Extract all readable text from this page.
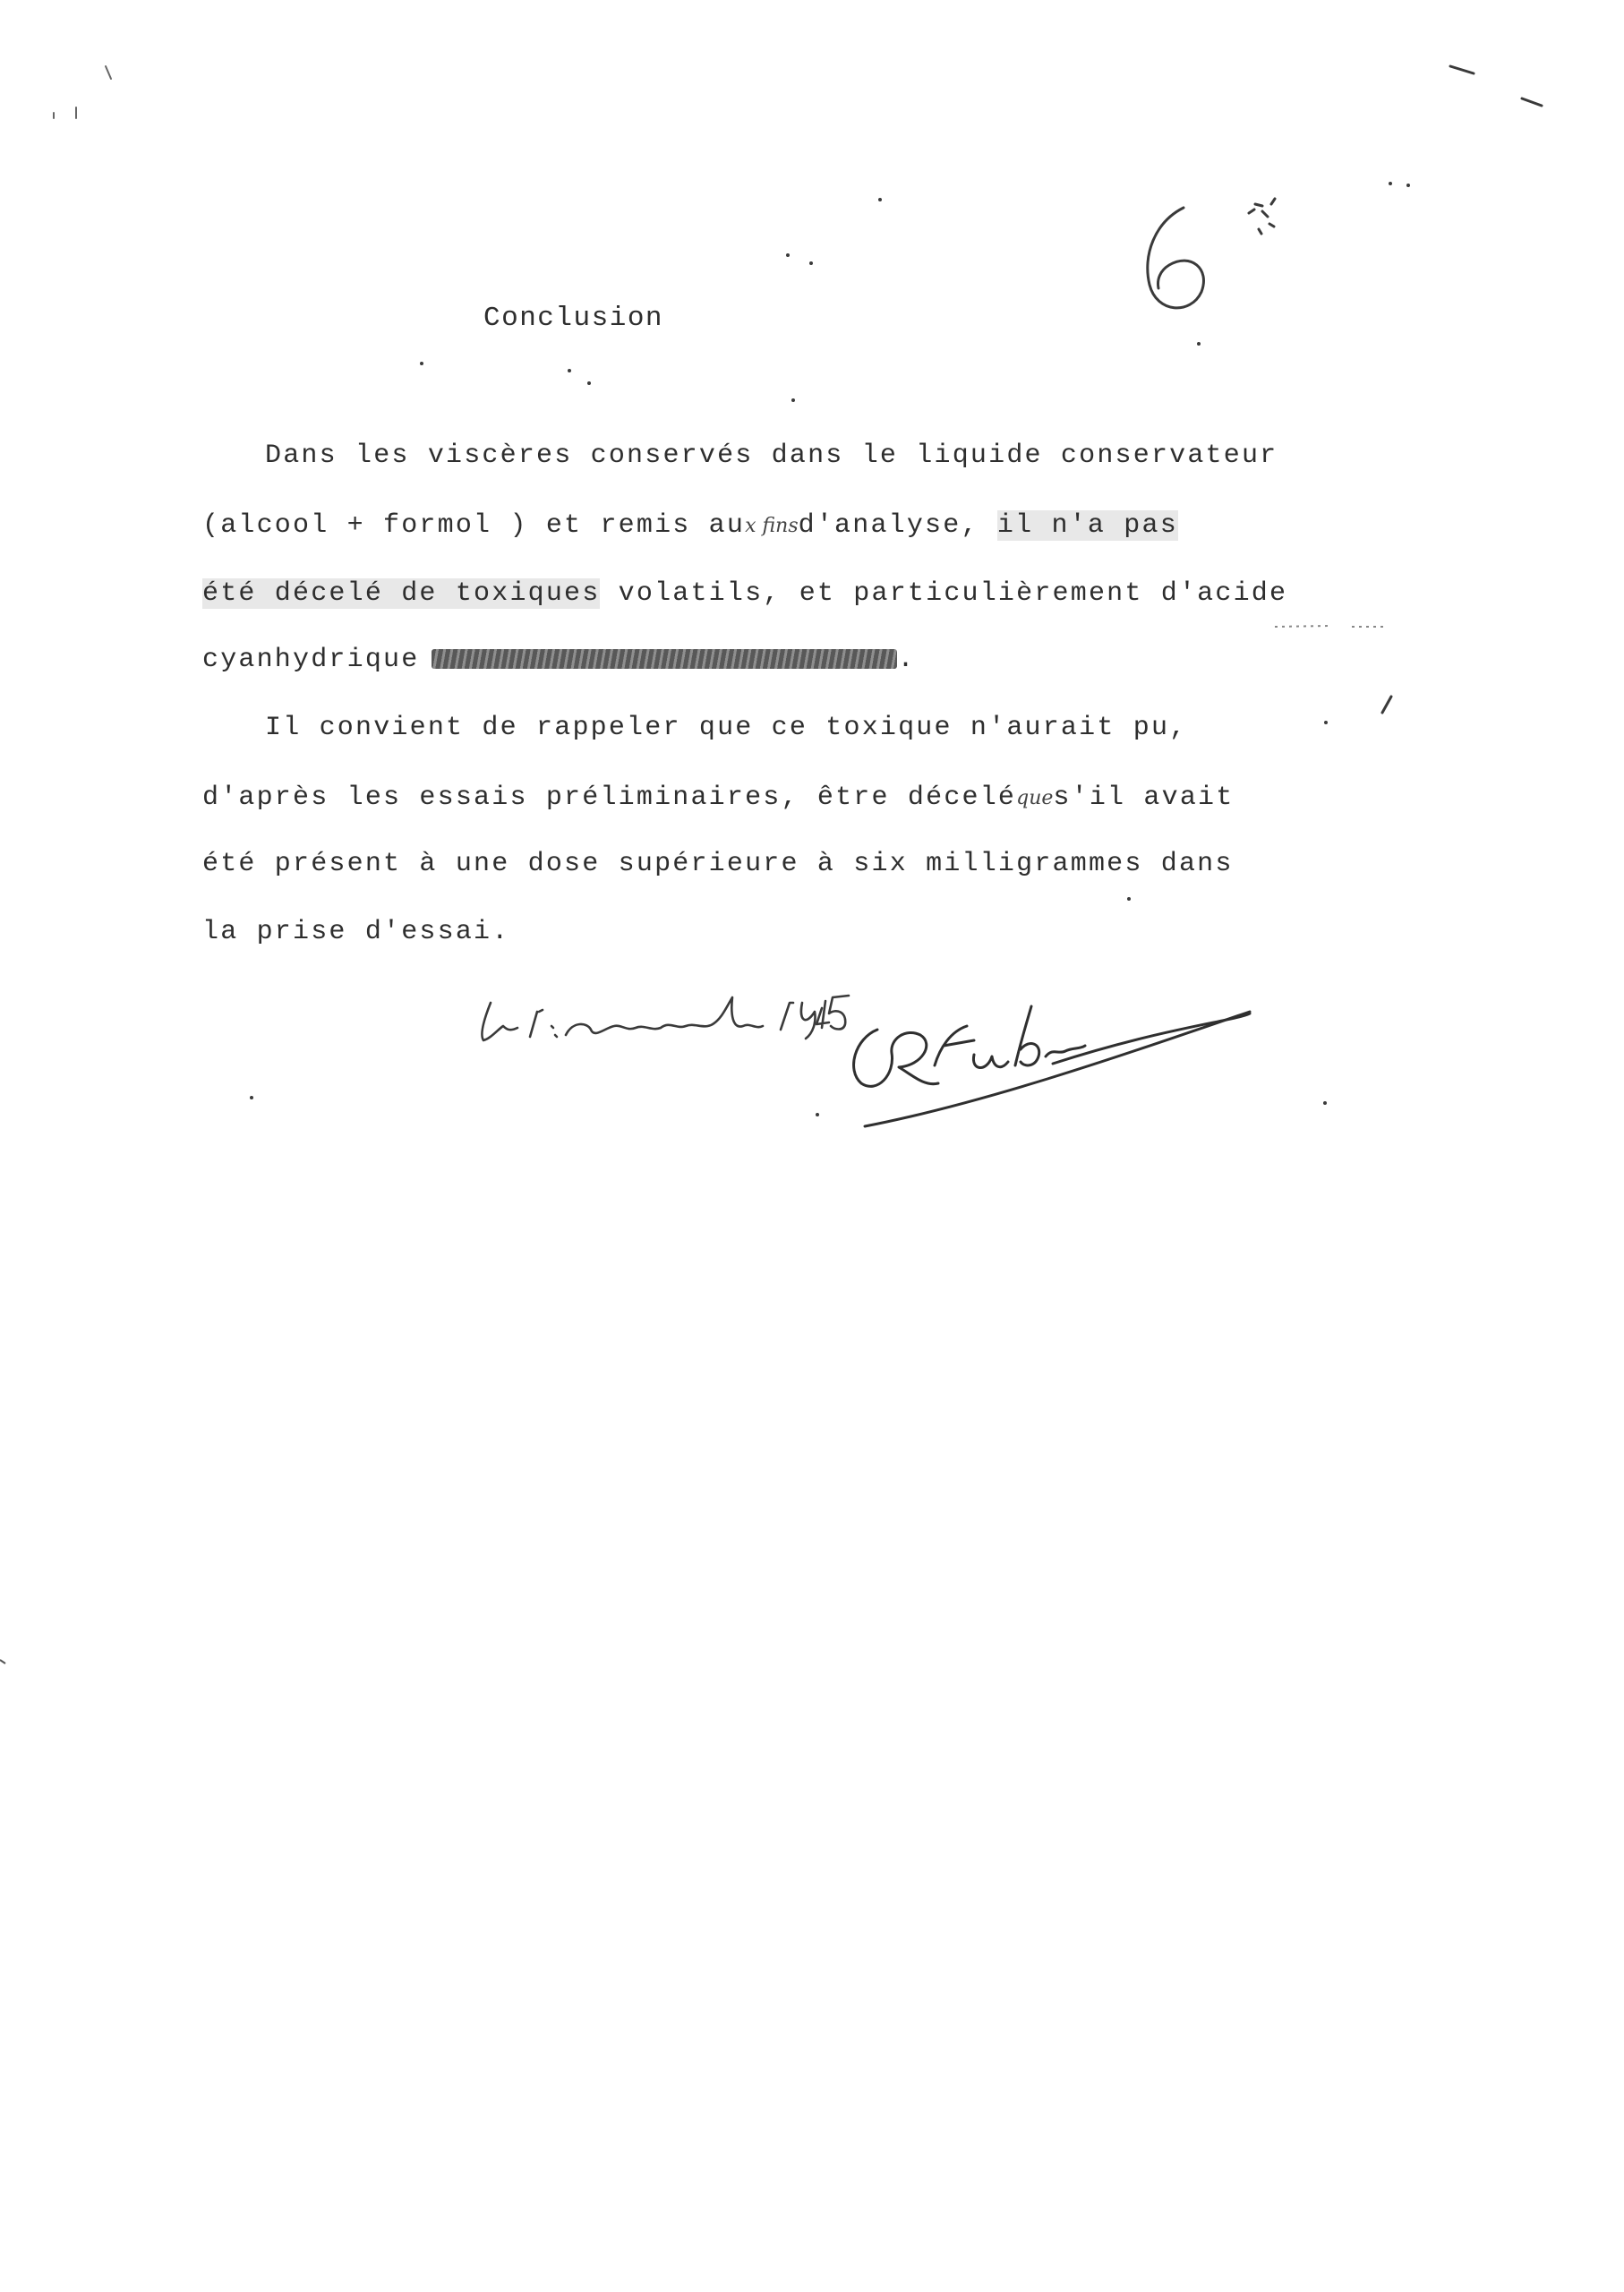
Conclusion
Dans les viscères conservés dans le liquide conservateur
(alcool + formol ) et remis aux finsd'analyse, il n'a pas
été décelé de toxiques volatils, et particulièrement d'acide
cyanhydrique	.
Il convient de rappeler que ce toxique n'aurait pu,
d'après les essais préliminaires, être déceléques'il avait
été présent à une dose supérieure à six milligrammes dans
la prise d'essai.
